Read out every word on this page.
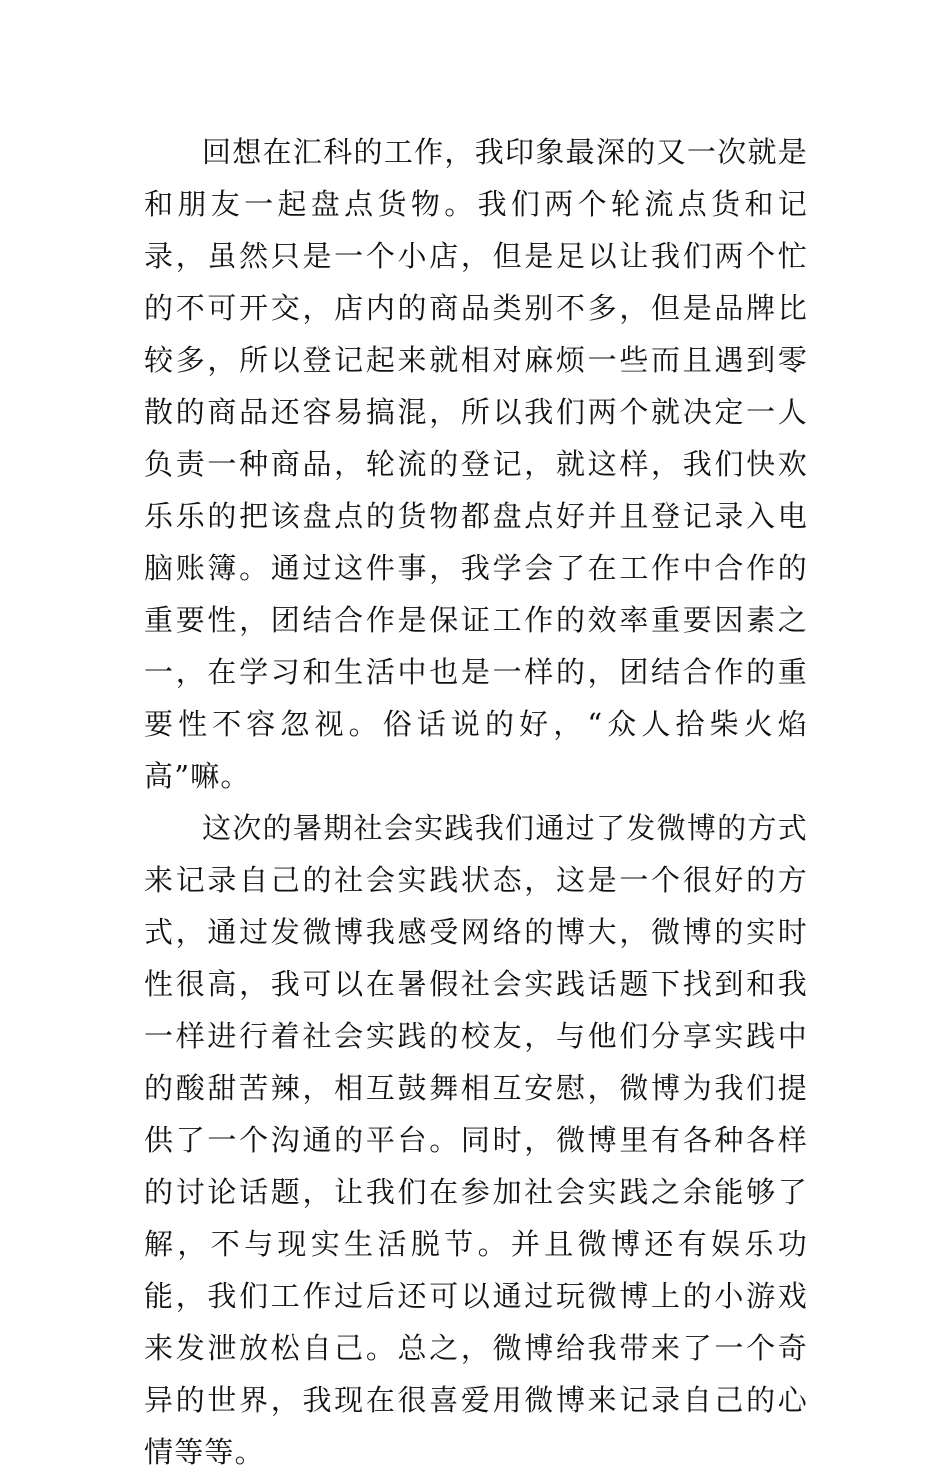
回想在汇科的工作，我印象最深的又一次就是和朋友一起盘点货物。我们两个轮流点货和记录，虽然只是一个小店，但是足以让我们两个忙的不可开交，店内的商品类别不多，但是品牌比较多，所以登记起来就相对麻烦一些而且遇到零散的商品还容易搞混，所以我们两个就决定一人负责一种商品，轮流的登记，就这样，我们快欢乐乐的把该盘点的货物都盘点好并且登记录入电脑账簿。通过这件事，我学会了在工作中合作的重要性，团结合作是保证工作的效率重要因素之一，在学习和生活中也是一样的，团结合作的重要性不容忽视。俗话说的好，“众人拾柴火焰高”嘛。

这次的暑期社会实践我们通过了发微博的方式来记录自己的社会实践状态，这是一个很好的方式，通过发微博我感受网络的博大，微博的实时性很高，我可以在暑假社会实践话题下找到和我一样进行着社会实践的校友，与他们分享实践中的酸甜苦辣，相互鼓舞相互安慰，微博为我们提供了一个沟通的平台。同时，微博里有各种各样的讨论话题，让我们在参加社会实践之余能够了解，不与现实生活脱节。并且微博还有娱乐功能，我们工作过后还可以通过玩微博上的小游戏来发泄放松自己。总之，微博给我带来了一个奇异的世界，我现在很喜爱用微博来记录自己的心情等等。
